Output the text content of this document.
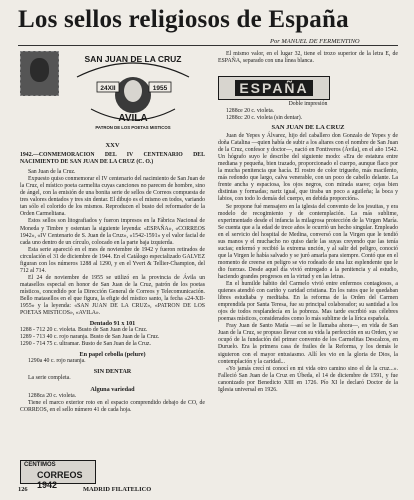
Los sellos religiosos de España
Por MANUEL DE FERMENTINO
SAN JUAN DE LA CRUZ
24XII	1955
AVILA
PATRON DE LOS POETAS MISTICOS
ESPAÑA

El mismo valor, en el lugar 32, tiene el trozo superior de la letra E, de ESPAÑA, separado con una línea blanca.

Doble impresión

1288ce 20 c. violeta.

1288cc 20 c. violeta (sin dentar).

XXV

1942.—CONMEMORACION DEL IV CENTENARIO DEL NACIMIENTO DE SAN JUAN DE LA CRUZ (C. O.)

San Juan de la Cruz.

Expuesto quiso conmemorar el IV centenario del nacimiento de San Juan de la Cruz, el místico poeta carmelita cuyas canciones no parecen de hombre, sino de ángel, con la emisión de una bonita serie de sellos de Correos compuesta de tres valores dentados y tres sin dentar. El dibujo es el mismo en todos, variando tan sólo el colorido de los mismos. Reproducen el busto del reformador de la Orden Carmelitana.

Estos sellos son litografiados y fueron impresos en la Fábrica Nacional de Moneda y Timbre y ostentan la siguiente leyenda: «ESPAÑA», «CORREOS 1942», «IV Centenario de S. Juan de la Cruz», «1542-1591» y el valor facial de cada uno dentro de un círculo, colocado en la parte baja izquierda.

Esta serie apareció en el mes de noviembre de 1942 y fueron retirados de circulación el 31 de diciembre de 1944. En el Catálogo especializado GALVEZ figuran con los números 1288 al 1290, y en el Yvert & Tellier-Champion, del 712 al 714.

El 24 de noviembre de 1955 se utilizó en la provincia de Ávila un matasellos especial en honor de San Juan de la Cruz, patrón de los poetas místicos, concedido por la Dirección General de Correos y Telecomunicación. Bello matasellos en el que figura, la efigie del místico santo, la fecha «24-XII-1955» y la leyenda: «SAN JUAN DE LA CRUZ», «PATRON DE LOS POETAS MISTICOS», «AVILA».

Dentado 91 x 101

1288 - 712 20 c. violeta. Busto de San Juan de la Cruz.

1289 - 713 40 c. rojo naranja. Busto de San Juan de la Cruz.

1290 - 714 75 c. ultramar. Busto de San Juan de la Cruz.

En papel cebolla (pelure)

1290a 40 c. rojo naranja.

SIN DENTAR

La serie completa.

Alguna variedad

1288ca 20 c. violeta.

Tiene el marco exterior roto en el espacio comprendido debajo de CO, de CORREOS, en el sello número 41 de cada hoja.

SAN JUAN DE LA CRUZ

Juan de Yepes y Álvarez, hijo del caballero don Gonzalo de Yepes y de doña Catalina —quien había de subir a los altares con el nombre de San Juan de la Cruz, confesor y doctor—, nació en Fontiveros (Ávila), en el año 1542. Un hógrafo suyo le describe del siguiente modo: «Era de estatura entre mediana y pequeña, bien trazado, proporcionado el cuerpo, aunque flaco por la mucha penitencia que hacía. El rostro de color trigueño, más macilento, más redondo que largo, calva venerable, con un poco de cabello delante. La frente ancha y espaciosa, los ojos negros, con mirada suave; cejas bien distintas y formadas; nariz igual, que tiraba un poco a aguileña; la boca y labios, con todo lo demás del cuerpo, en debida proporción».

Se propone fué mensajero en la iglesia del convento de los jesuitas, y era modelo de recogimiento y de contemplación. La más sublime, experimentado desde el infancia la milagrosa protección de la Virgen María. Se cuenta que a la edad de trece años le ocurrió un hecho singular. Empleado en el servicio del hospital de Medina, conversó con la Virgen que le tendió sus manos y el muchacho no quiso darle las suyas creyendo que las tenía sucias; enfermó y recibió la extrema unción, y al salir del peligro, conoció que la Virgen le había salvado y se juró amarla para siempre. Contó que en el momento de creerse en peligro se vio rodeado de una luz esplendente que le dio fuerzas. Desde aquel día vivió entregado a la penitencia y al estudio, haciendo grandes progresos en la virtud y en las letras.

En el humilde hábito del Carmelo vivió entre enfermos contagiosos, a quienes atendió con cariño y caridad cristiana. En los ratos que le quedaban libres estudiaba y meditaba. En la reforma de la Orden del Carmen emprendida por Santa Teresa, fue su principal colaborador; su santidad a los ojos de todos resplandecía en la pobreza. Mas tarde escribió sus célebres poemas místicos, considerados como lo más sublime de la lírica española.

Fray Juan de Santo Matía —así se le llamaba ahora—, en vida de San Juan de la Cruz, se propuso llevar con su vida la perfección en su Orden, y se ocupó de la fundación del primer convento de los Carmelitas Descalzos, en Duruelo. Era la primera casa de frailes de la Reforma, y los demás le siguieron con el mayor entusiasmo. Allí les vio en la gloria de Dios, la contemplación y la caridad...

«Yo jamás crecí ni conocí en mi vida otro camino sino el de la cruz...». Falleció San Juan de la Cruz en Úbeda, el 14 de diciembre de 1591, y fue canonizado por Benedicto XIII en 1726. Pío XI le declaró Doctor de la Iglesia universal en 1926.

CENTIMOS
CORREOS 1942
126	MADRID FILATELICO
